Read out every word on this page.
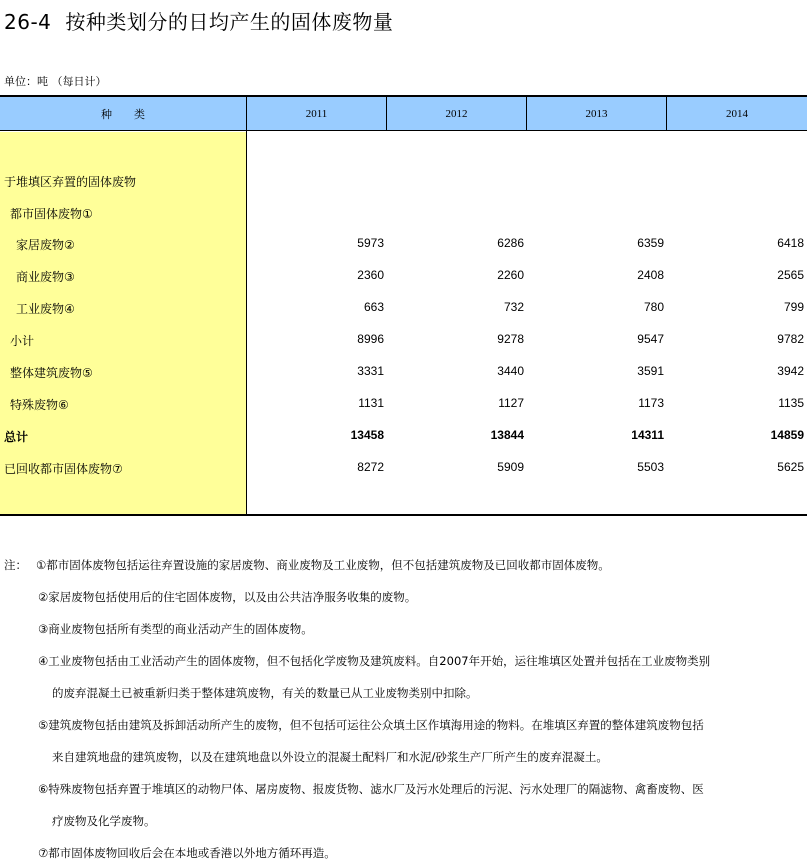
26-4 按种类划分的日均产生的固体废物量
单位：吨 （每日计）
种类	2011	2012	2013	2014
于堆填区弃置的固体废物
都市固体废物①
家居废物②	5973	6286	6359	6418
商业废物③	2360	2260	2408	2565
工业废物④	663	732	780	799
小计	8996	9278	9547	9782
整体建筑废物⑤	3331	3440	3591	3942
特殊废物⑥	1131	1127	1173	1135
总计	13458	13844	14311	14859
已回收都市固体废物⑦	8272	5909	5503	5625
注： ①都市固体废物包括运往弃置设施的家居废物、商业废物及工业废物，但不包括建筑废物及已回收都市固体废物。
②家居废物包括使用后的住宅固体废物，以及由公共洁净服务收集的废物。
③商业废物包括所有类型的商业活动产生的固体废物。
④工业废物包括由工业活动产生的固体废物，但不包括化学废物及建筑废料。自2007年开始，运往堆填区处置并包括在工业废物类别
的废弃混凝土已被重新归类于整体建筑废物，有关的数量已从工业废物类别中扣除。
⑤建筑废物包括由建筑及拆卸活动所产生的废物，但不包括可运往公众填土区作填海用途的物料。在堆填区弃置的整体建筑废物包括
来自建筑地盘的建筑废物，以及在建筑地盘以外设立的混凝土配料厂和水泥/砂浆生产厂所产生的废弃混凝土。
⑥特殊废物包括弃置于堆填区的动物尸体、屠房废物、报废货物、滤水厂及污水处理后的污泥、污水处理厂的隔滤物、禽畜废物、医
疗废物及化学废物。
⑦都市固体废物回收后会在本地或香港以外地方循环再造。
